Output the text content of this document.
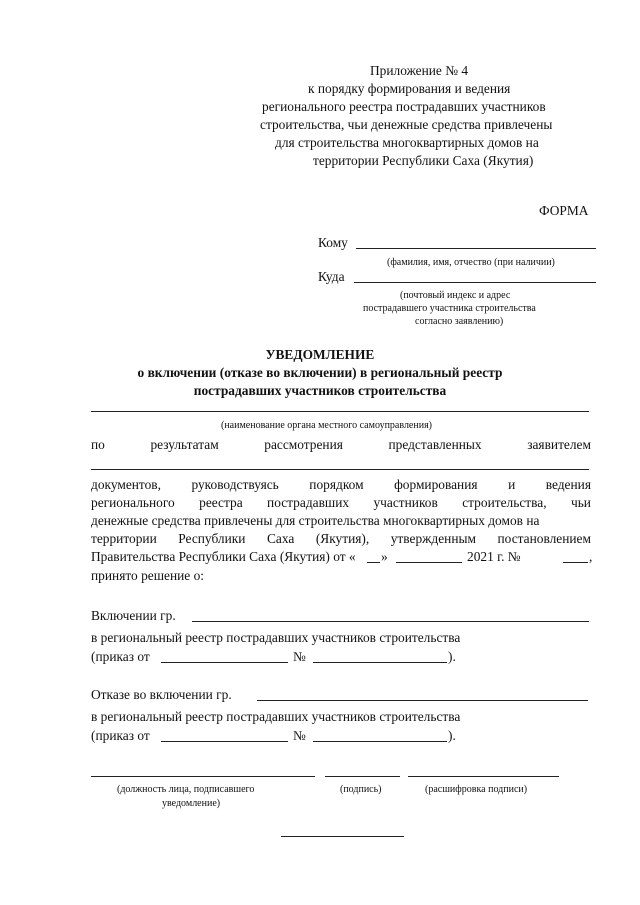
Приложение № 4
к порядку формирования и ведения
регионального реестра пострадавших участников
строительства, чьи денежные средства привлечены
для строительства многоквартирных домов на
территории Республики Саха (Якутия)
ФОРМА
Кому
(фамилия, имя, отчество (при наличии)
Куда
(почтовый индекс и адрес
пострадавшего участника строительства
согласно заявлению)
УВЕДОМЛЕНИЕ
о включении (отказе во включении) в региональный реестр
пострадавших участников строительства
(наименование органа местного самоуправления)
по	результатам	рассмотрения	представленных	заявителем
документов, руководствуясь порядком формирования и ведения
регионального реестра пострадавших участников строительства, чьи
денежные средства привлечены для строительства многоквартирных домов на
территории Республики Саха (Якутия), утвержденным постановлением
Правительства Республики Саха (Якутия) от « »	2021 г. №	,
принято решение о:
Включении гр.
в региональный реестр пострадавших участников строительства
(приказ от	№	).
Отказе во включении гр.
в региональный реестр пострадавших участников строительства
(приказ от	№	).
(должность лица, подписавшего
уведомление)
(подпись)	(расшифровка подписи)
